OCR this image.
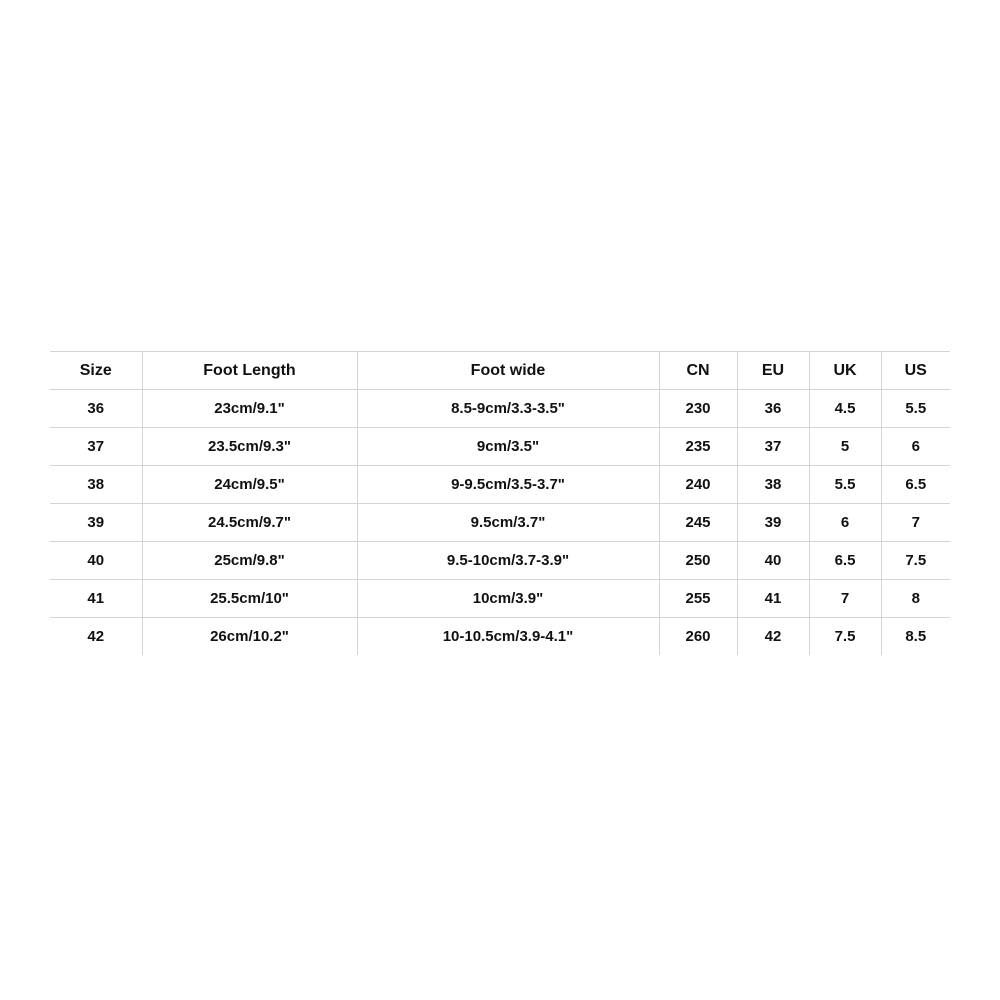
Size	Foot Length	Foot wide	CN	EU	UK	US
36	23cm/9.1"	8.5-9cm/3.3-3.5"	230	36	4.5	5.5
37	23.5cm/9.3"	9cm/3.5"	235	37	5	6
38	24cm/9.5"	9-9.5cm/3.5-3.7"	240	38	5.5	6.5
39	24.5cm/9.7"	9.5cm/3.7"	245	39	6	7
40	25cm/9.8"	9.5-10cm/3.7-3.9"	250	40	6.5	7.5
41	25.5cm/10"	10cm/3.9"	255	41	7	8
42	26cm/10.2"	10-10.5cm/3.9-4.1"	260	42	7.5	8.5
